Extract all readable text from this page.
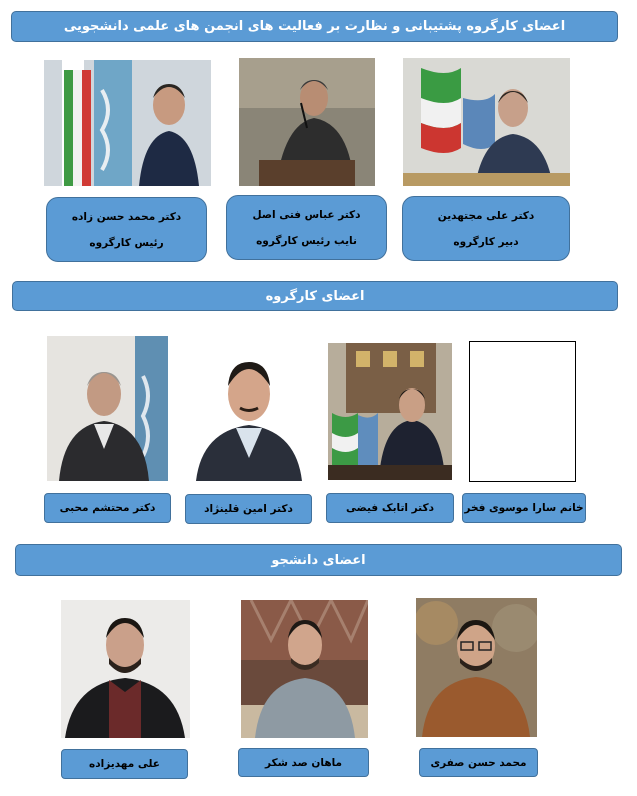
اعضای کارگروه پشتیبانی و نظارت بر فعالیت های انجمن های علمی دانشجویی
دکتر محمد حسن زاده
رئیس کارگروه
دکتر عباس فتی اصل
نایب رئیس کارگروه
دکتر علی مجتهدین
دبیر کارگروه
اعضای کارگروه
دکتر محتشم محبی	دکتر امین قلینژاد	دکتر اتابک فیضی	خانم سارا موسوی فخر
اعضای دانشجو
علی مهدیزاده	ماهان صد شکر	محمد حسن صفری
